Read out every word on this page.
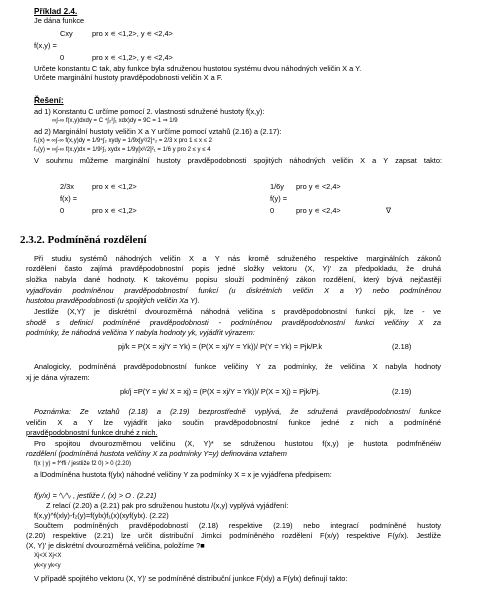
Příklad 2.4.
Je dána funkce
Cxy	pro x ∊ <1,2>, y ∊ <2,4>
f(x,y) =
0	pro x ∊ <1,2>, y ∊ <2,4>
Určete konstantu C tak, aby funkce byla sdruženou hustotou systému dvou náhodných veličin X a Y.
Určete marginální hustoty pravděpodobnosti veličin X a F.
Řešení:
ad 1) Konstantu C určíme pomocí 2. vlastnosti sdružené hustoty f(x,y):
∞∫-∞ f(x,y)dxdy = C ⁴∫₂²∫₁ xdx)dy = 9C = 1 ⇒ 1/9
ad 2) Marginální hustoty veličin X a Y určíme pomocí vztahů (2.16) a (2.17):
f₁(x) = ∞∫-∞ f(x,y)dy = 1/9⁴∫₂ xydy = 1/9x[y²/2]⁴₂ = 2/3 x pro 1 ≤ x ≤ 2
f₂(y) = ∞∫-∞ f(x,y)dx = 1/9²∫₁ xydx = 1/9y[x²/2]²₁ = 1/6 y pro 2 ≤ y ≤ 4
V souhrnu můžeme marginální hustoty pravděpodobnosti spojitých náhodných veličin X a Y zapsat takto:
2/3x pro x ∊ <1,2>	1/6y pro y ∊ <2,4>
f(x) =	f(y) =
0	pro x ∊ <1,2>	0	pro y ∊ <2,4>	∇
2.3.2. Podmíněná rozdělení
Při studiu systémů náhodných veličin X a Y nás kromě sdruženého respektive marginálních zákonů
rozdělení často zajímá pravděpodobnostní popis jedné složky vektoru (X, Y)' za předpokladu, že druhá
složka nabyla dané hodnoty. K takovému popisu slouží podmíněný zákon rozdělení, který bývá nejčastěji
vyjadřován podmíněnou pravděpodobnostní funkcí (u diskrétních veličin X a Y) nebo podmíněnou
hustotou pravděpodobnosti (u spojitých veličin Xa Y).
Jestliže (X,Y)' je diskrétní dvourozměrná náhodná veličina s pravděpodobnostní funkcí pjk, lze - ve
shodě s definicí podmíněné pravděpodobnosti - podmíněnou pravděpodobnostní funkci veličiny X za
podmínky, že náhodná veličina Y nabyla hodnoty yk, vyjádřit výrazem:
pj/k = P(X = xj/Y = Yk) = (P(X = xj/Y = Yk))/ P(Y = Yk) = Pjk/P.k	(2.18)
Analogicky, podmíněná pravděpodobnostní funkce veličiny Y za podmínky, že veličina X nabyla hodnoty
xj je dána výrazem:
pk/j =P(Y = yk/ X = xj) = (P(X = xj/Y = Yk))/ P(X = Xj) = Pjk/Pj.	(2.19)
Poznámka: Ze vztahů (2.18) a (2.19) bezprostředně vyplývá, že sdružená pravděpodobnostní funkce
veličin X a Y lze vyjádřit jako součin pravděpodobnostní funkce jedné z nich a podmíněné
pravděpodobnostní funkce druhé z nich.
Pro spojitou dvourozměrnou veličinu (X, Y)* se sdruženou hustotou f(x,y) je hustota podmfněnéiw
rozdělení (podmíněná hustota veličiny X za podmínky Y=y) definována vztahem
f(x | y) = f^ffi / jestliže f2 0) > 0 (2.20)
a lDodmíněna hustota f(ylx) náhodné veličiny Y za podmínky X = x je vyjádřena předpisem:
f(y/x) = ^ᵥ^ᵥ , jestliže /, (x) > O . (2.21)
Z relací (2.20) a (2.21) pak pro sdruženou hustotu /(x,y) vyplývá vyjádření:
f(x,y)^f(xly)-f₂(y)=f(ylx)f₁(x)(xyf(ylx). (2.22)
Součtem podmíněných pravděpodobností (2.18) respektive (2.19) nebo integrací podmíněné hustoty
(2.20) respektive (2.21) lze určit distribuční Jimkci podmíněného rozdělení F(x/y) respektive F(y/x). Jestliže
(X, Y)' je diskrétní dvourozměrná veličina, položíme ?■
Xj<X Xj<X
yk<y yk<y
V případě spojitého vektoru (X, Y)' se podmíněné distribuční junkce F(xly) a F(ylx) definují takto:
